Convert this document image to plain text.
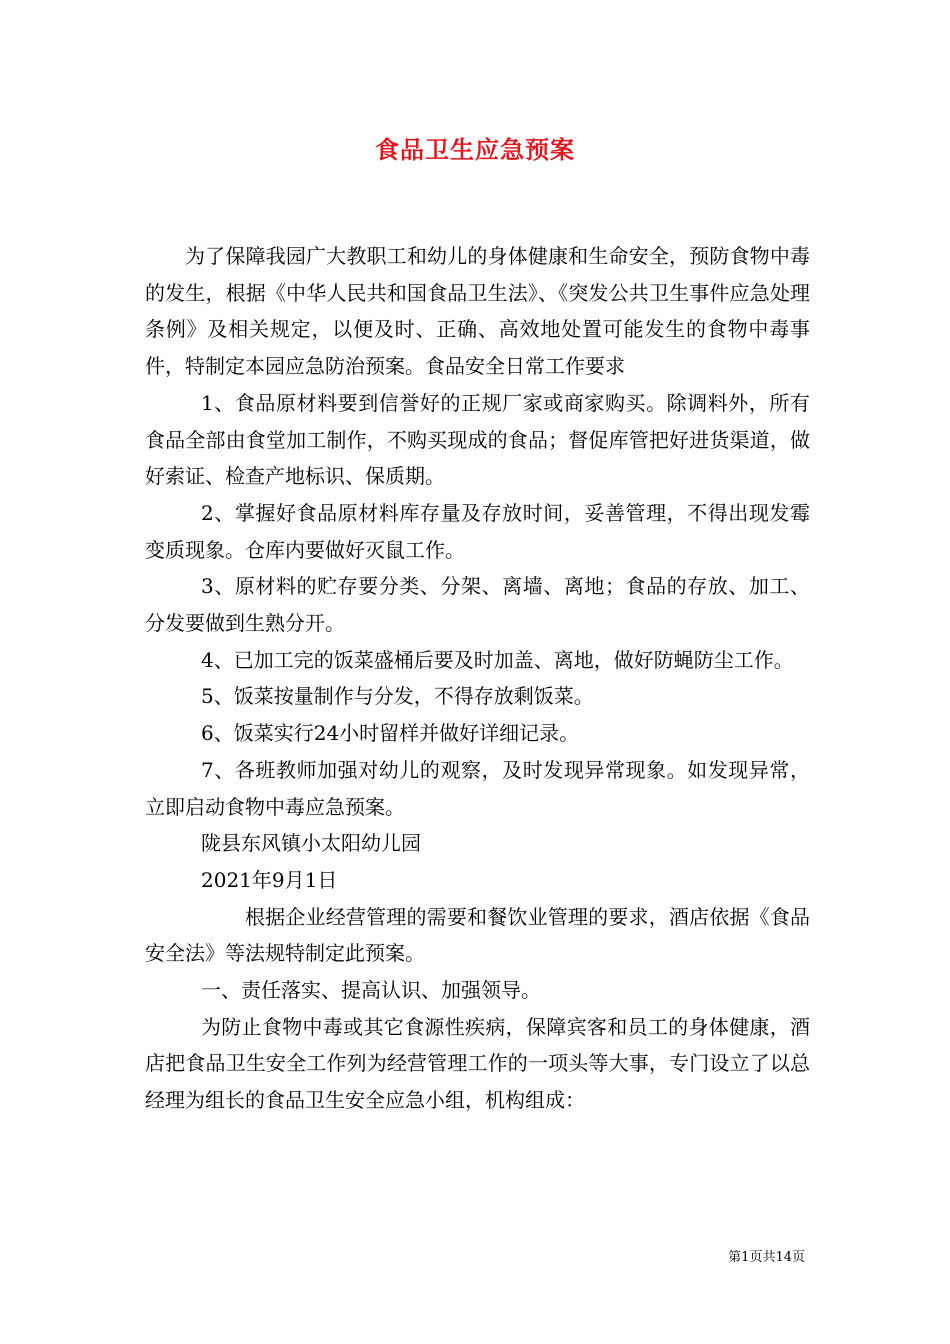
食品卫生应急预案

为了保障我园广大教职工和幼儿的身体健康和生命安全，预防食物中毒的发生，根据《中华人民共和国食品卫生法》、《突发公共卫生事件应急处理条例》及相关规定，以便及时、正确、高效地处置可能发生的食物中毒事件，特制定本园应急防治预案。食品安全日常工作要求

1、食品原材料要到信誉好的正规厂家或商家购买。除调料外，所有食品全部由食堂加工制作，不购买现成的食品；督促库管把好进货渠道，做好索证、检查产地标识、保质期。

2、掌握好食品原材料库存量及存放时间，妥善管理，不得出现发霉变质现象。仓库内要做好灭鼠工作。

3、原材料的贮存要分类、分架、离墙、离地；食品的存放、加工、分发要做到生熟分开。

4、已加工完的饭菜盛桶后要及时加盖、离地，做好防蝇防尘工作。

5、饭菜按量制作与分发，不得存放剩饭菜。

6、饭菜实行24小时留样并做好详细记录。

7、各班教师加强对幼儿的观察，及时发现异常现象。如发现异常，立即启动食物中毒应急预案。

陇县东风镇小太阳幼儿园

2021年9月1日

根据企业经营管理的需要和餐饮业管理的要求，酒店依据《食品安全法》等法规特制定此预案。

一、责任落实、提高认识、加强领导。

为防止食物中毒或其它食源性疾病，保障宾客和员工的身体健康，酒店把食品卫生安全工作列为经营管理工作的一项头等大事，专门设立了以总经理为组长的食品卫生安全应急小组，机构组成：

第1页共14页
